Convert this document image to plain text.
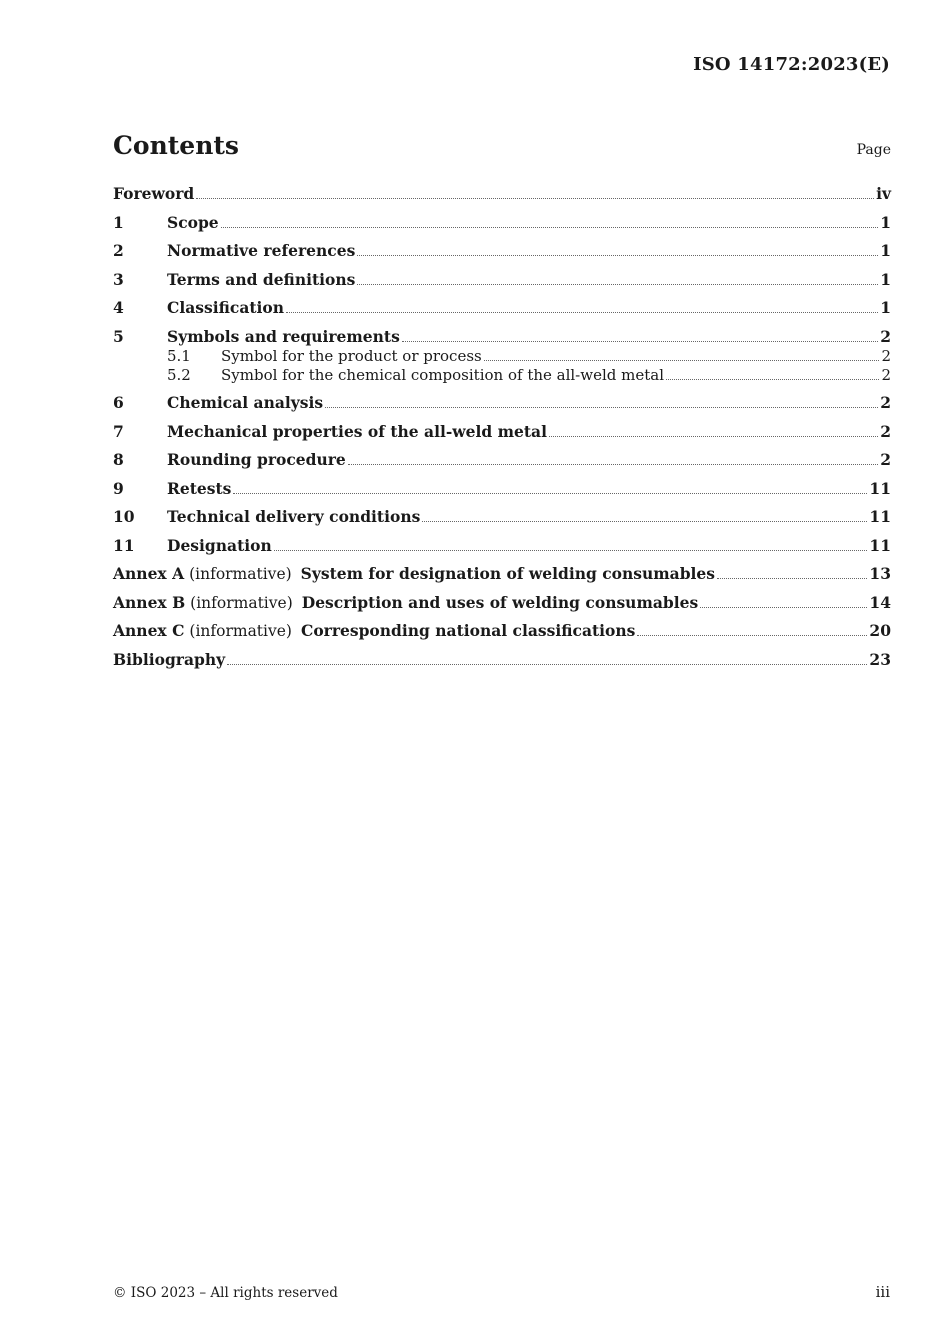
ISO 14172:2023(E)
Contents	Page
Foreword	iv
1	Scope	1
2	Normative references	1
3	Terms and definitions	1
4	Classification	1
5	Symbols and requirements	2
5.1	Symbol for the product or process	2
5.2	Symbol for the chemical composition of the all-weld metal	2
6	Chemical analysis	2
7	Mechanical properties of the all-weld metal	2
8	Rounding procedure	2
9	Retests	11
10	Technical delivery conditions	11
11	Designation	11
Annex A (informative) System for designation of welding consumables	13
Annex B (informative) Description and uses of welding consumables	14
Annex C (informative) Corresponding national classifications	20
Bibliography	23
© ISO 2023 – All rights reserved	iii
